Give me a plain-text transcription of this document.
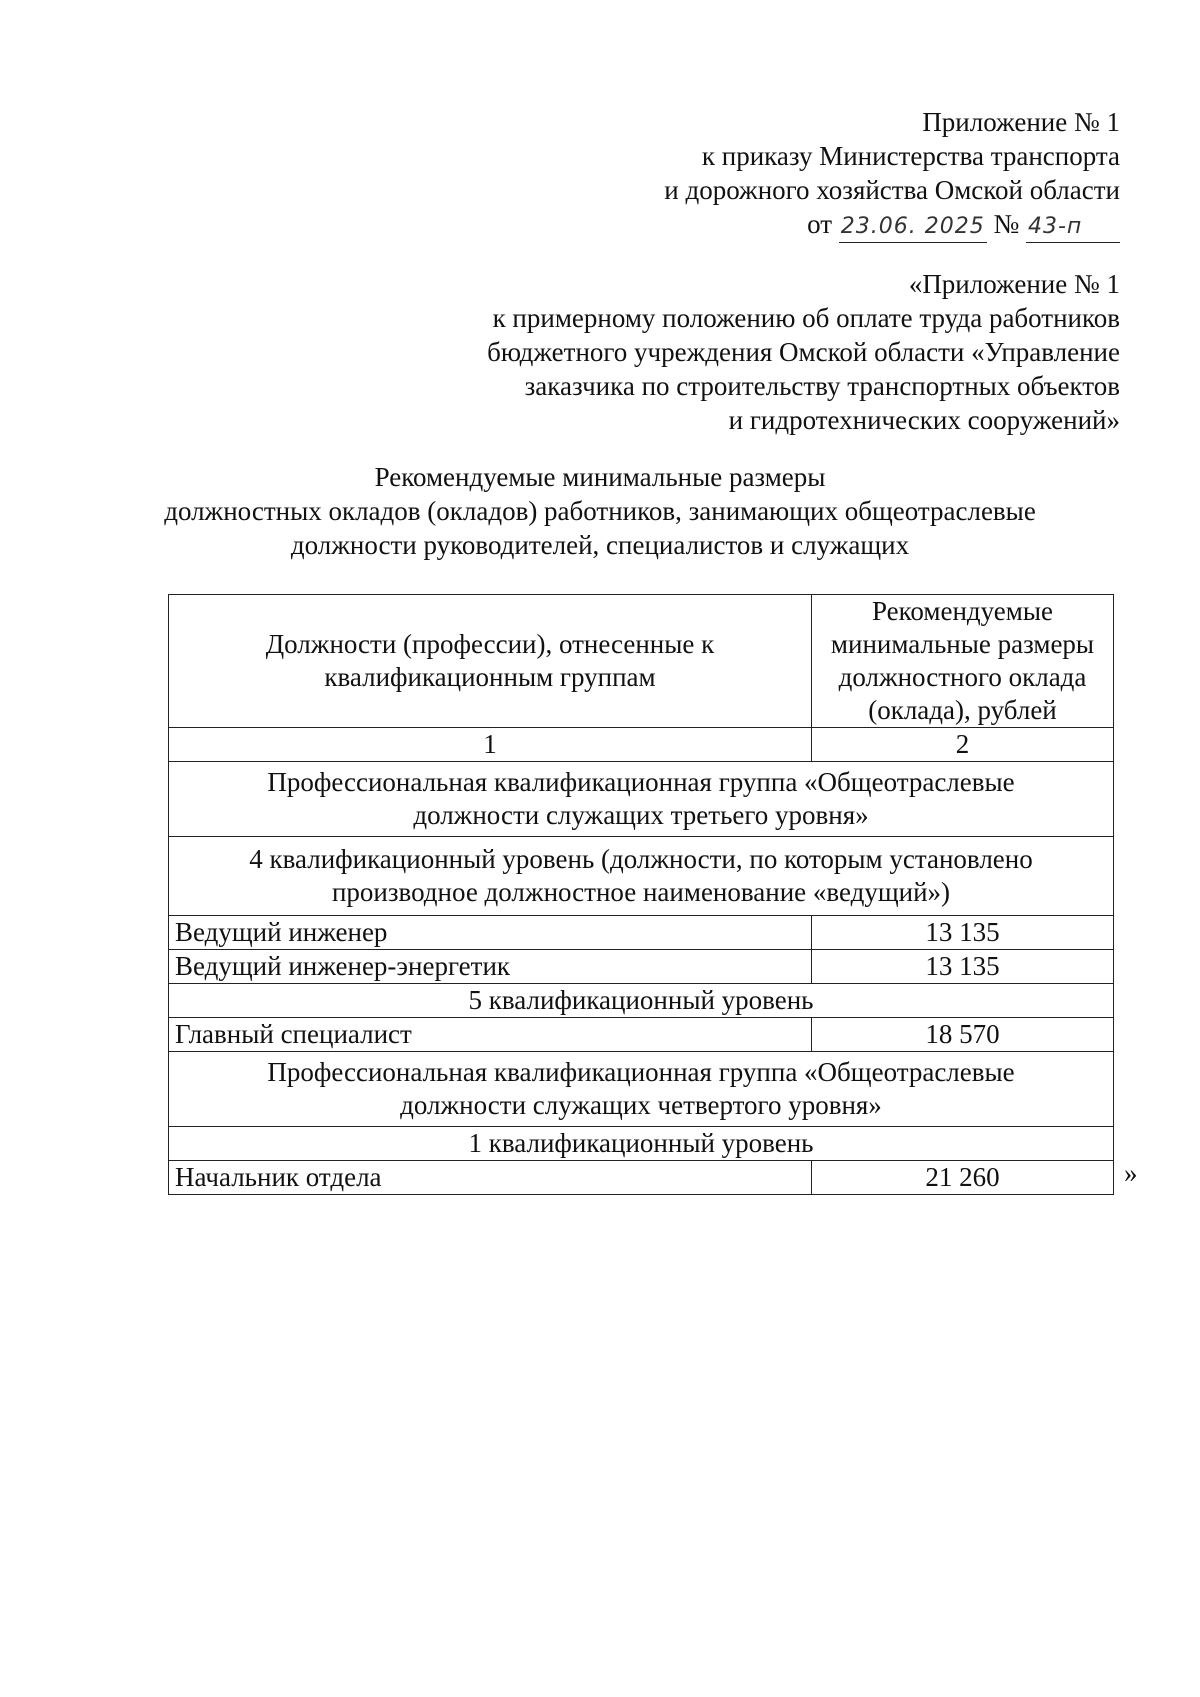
Приложение № 1
к приказу Министерства транспорта
и дорожного хозяйства Омской области
от 23.06. 2025 № 43-п
«Приложение № 1
к примерному положению об оплате труда работников
бюджетного учреждения Омской области «Управление
заказчика по строительству транспортных объектов
и гидротехнических сооружений»
Рекомендуемые минимальные размеры
должностных окладов (окладов) работников, занимающих общеотраслевые
должности руководителей, специалистов и служащих
Должности (профессии), отнесенные к квалификационным группам	Рекомендуемые минимальные размеры должностного оклада (оклада), рублей
1	2
Профессиональная квалификационная группа «Общеотраслевые должности служащих третьего уровня»	
4 квалификационный уровень (должности, по которым установлено производное должностное наименование «ведущий»)	
Ведущий инженер	13 135
Ведущий инженер-энергетик	13 135
5 квалификационный уровень	
Главный специалист	18 570
Профессиональная квалификационная группа «Общеотраслевые должности служащих четвертого уровня»	
1 квалификационный уровень	
Начальник отдела	21 260	»
